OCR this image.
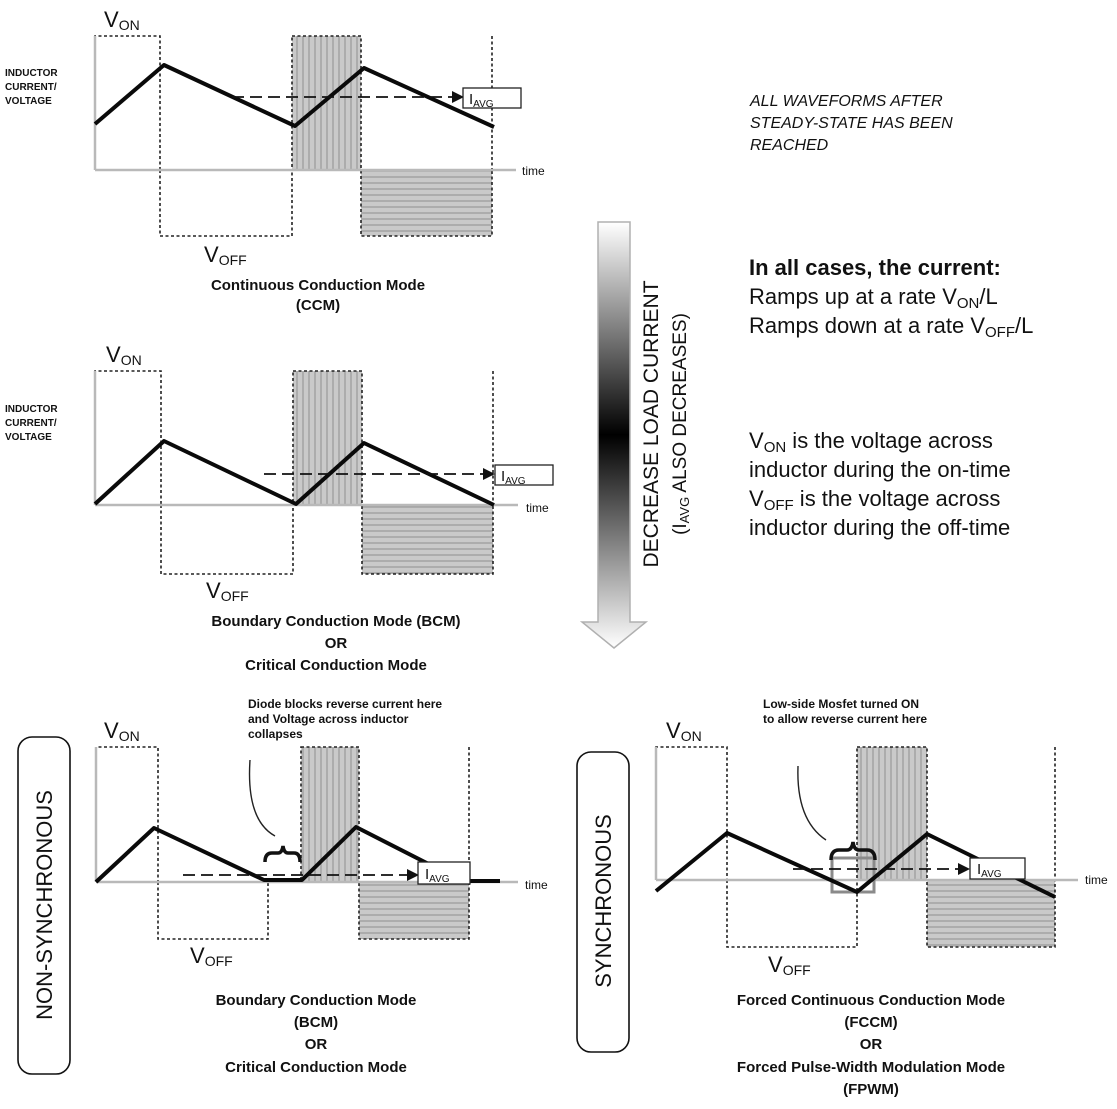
$I_{AVG}$
time
VON
VOFF
INDUCTOR
CURRENT/
VOLTAGE
Continuous Conduction Mode
(CCM)
$I_{AVG}$
time
VON
VOFF
INDUCTOR
CURRENT/
VOLTAGE
Boundary Conduction Mode (BCM)
OR
Critical Conduction Mode
NON-SYNCHRONOUS	$I_{AVG}$	time
VON
VOFF
Diode blocks reverse current here
and Voltage across inductor
collapses
Boundary Conduction Mode
(BCM)
OR
Critical Conduction Mode
SYNCHRONOUS	$I_{AVG}$	time
VON
VOFF
Low-side Mosfet turned ON
to allow reverse current here
Forced Continuous Conduction Mode
(FCCM)
OR
Forced Pulse-Width Modulation Mode
(FPWM)
DECREASE LOAD CURRENT (IAVG ALSO DECREASES)
ALL WAVEFORMS AFTER
STEADY-STATE HAS BEEN
REACHED
In all cases, the current:
Ramps up at a rate VON/L
Ramps down at a rate VOFF/L
VON is the voltage across
inductor during the on-time
VOFF is the voltage across
inductor during the off-time
